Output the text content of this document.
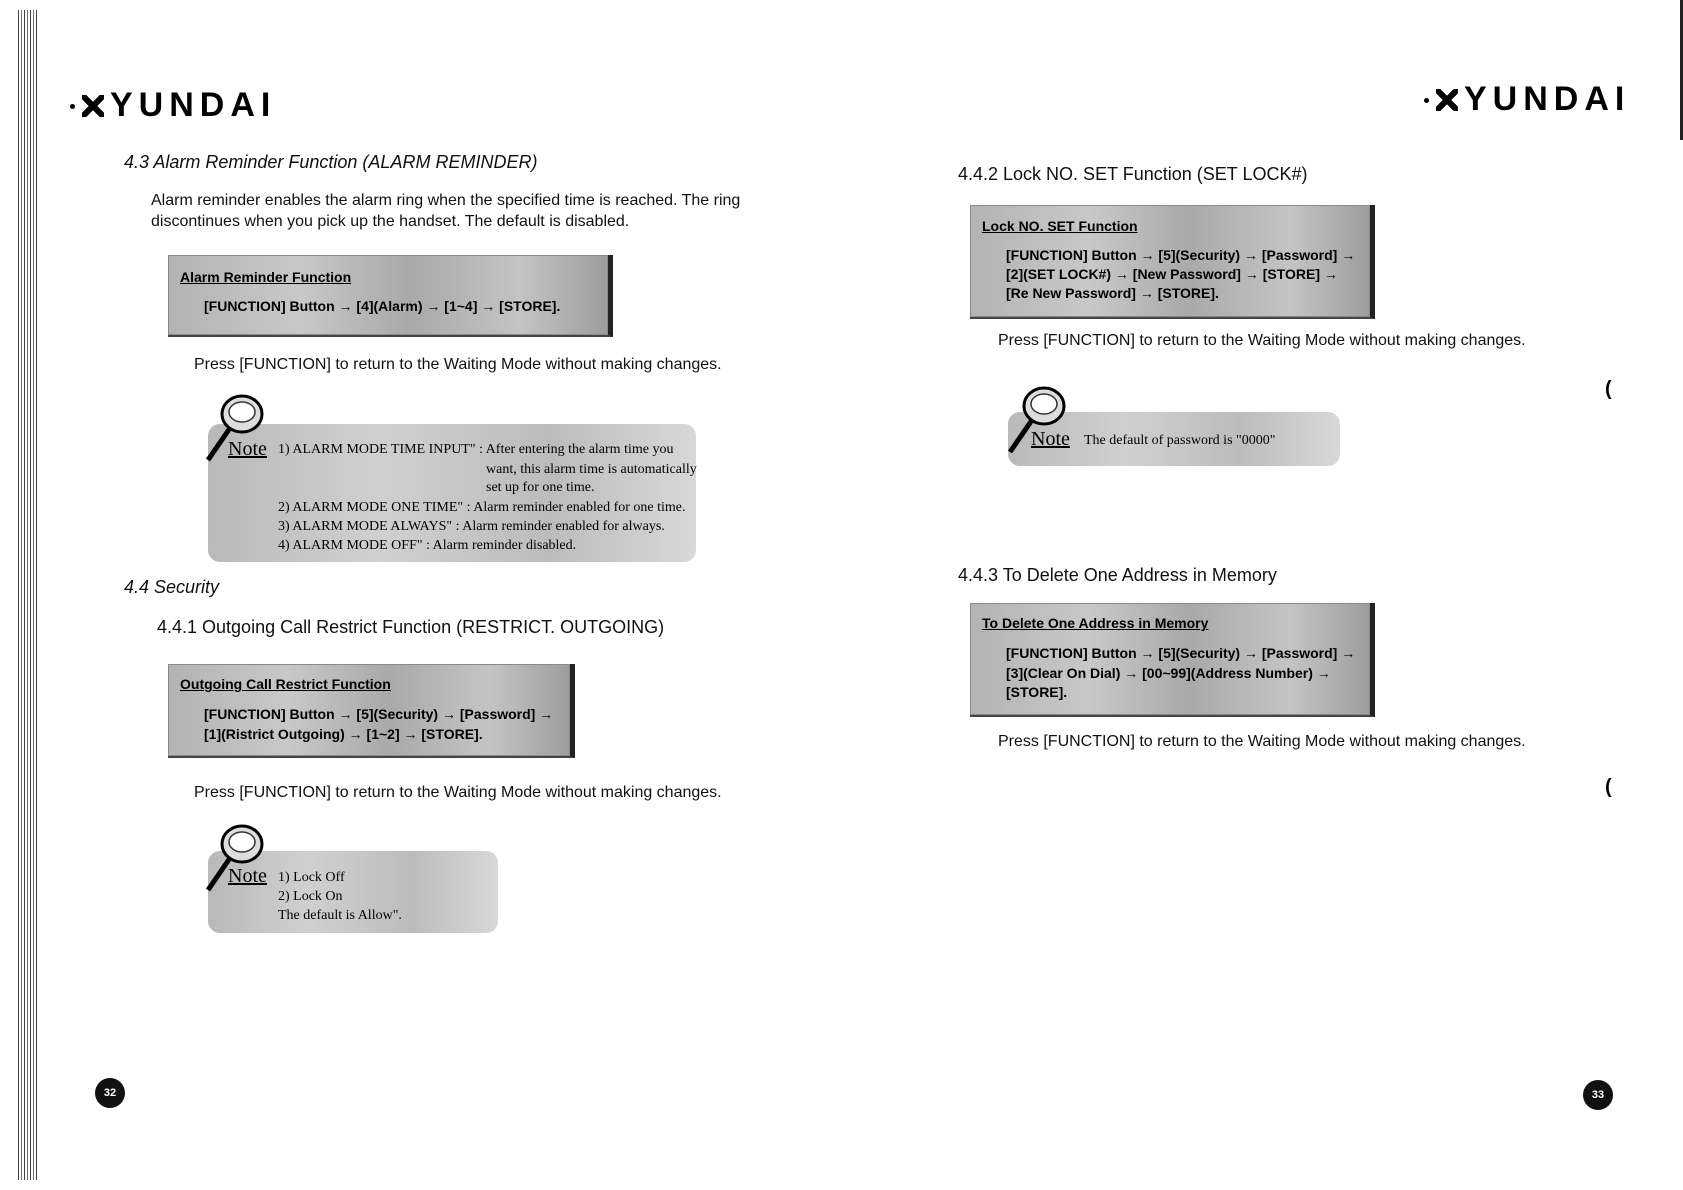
YUNDAI	YUNDAI
4.3 Alarm Reminder Function (ALARM REMINDER)
Alarm reminder enables the alarm ring when the specified time is reached. The ring
discontinues when you pick up the handset. The default is disabled.
Alarm Reminder Function
[FUNCTION] Button → [4](Alarm) → [1~4] → [STORE].
Press [FUNCTION] to return to the Waiting Mode without making changes.
Note 1) ALARM MODE TIME INPUT" : After entering the alarm time you
want, this alarm time is automatically
set up for one time.
2) ALARM MODE ONE TIME" : Alarm reminder enabled for one time.
3) ALARM MODE ALWAYS" : Alarm reminder enabled for always.
4) ALARM MODE OFF" : Alarm reminder disabled.
4.4 Security
4.4.1 Outgoing Call Restrict Function (RESTRICT. OUTGOING)
Outgoing Call Restrict Function
[FUNCTION] Button → [5](Security) → [Password] →
[1](Ristrict Outgoing) → [1~2] → [STORE].
Press [FUNCTION] to return to the Waiting Mode without making changes.
Note 1) Lock Off
2) Lock On
The default is Allow".
32
4.4.2 Lock NO. SET Function (SET LOCK#)
Lock NO. SET Function
[FUNCTION] Button → [5](Security) → [Password] →
[2](SET LOCK#) → [New Password] → [STORE] →
[Re New Password] → [STORE].
Press [FUNCTION] to return to the Waiting Mode without making changes.
Note The default of password is "0000"
4.4.3 To Delete One Address in Memory
To Delete One Address in Memory
[FUNCTION] Button → [5](Security) → [Password] →
[3](Clear On Dial) → [00~99](Address Number) →
[STORE].
Press [FUNCTION] to return to the Waiting Mode without making changes.
(
(
33
